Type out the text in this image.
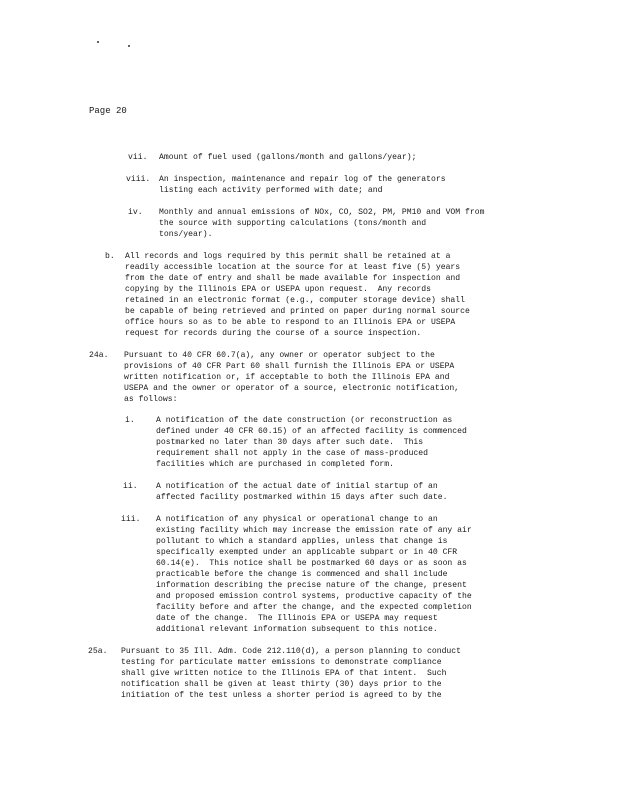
Page 20
vii. Amount of fuel used (gallons/month and gallons/year);
viii. An inspection, maintenance and repair log of the generators
listing each activity performed with date; and
iv. Monthly and annual emissions of NOx, CO, SO2, PM, PM10 and VOM from
the source with supporting calculations (tons/month and
tons/year).
b. All records and logs required by this permit shall be retained at a
readily accessible location at the source for at least five (5) years
from the date of entry and shall be made available for inspection and
copying by the Illinois EPA or USEPA upon request.  Any records
retained in an electronic format (e.g., computer storage device) shall
be capable of being retrieved and printed on paper during normal source
office hours so as to be able to respond to an Illinois EPA or USEPA
request for records during the course of a source inspection.
24a. Pursuant to 40 CFR 60.7(a), any owner or operator subject to the
provisions of 40 CFR Part 60 shall furnish the Illinois EPA or USEPA
written notification or, if acceptable to both the Illinois EPA and
USEPA and the owner or operator of a source, electronic notification,
as follows:
i.	A notification of the date construction (or reconstruction as
defined under 40 CFR 60.15) of an affected facility is commenced
postmarked no later than 30 days after such date.  This
requirement shall not apply in the case of mass-produced
facilities which are purchased in completed form.
ii. A notification of the actual date of initial startup of an
affected facility postmarked within 15 days after such date.
iii. A notification of any physical or operational change to an
existing facility which may increase the emission rate of any air
pollutant to which a standard applies, unless that change is
specifically exempted under an applicable subpart or in 40 CFR
60.14(e).  This notice shall be postmarked 60 days or as soon as
practicable before the change is commenced and shall include
information describing the precise nature of the change, present
and proposed emission control systems, productive capacity of the
facility before and after the change, and the expected completion
date of the change.  The Illinois EPA or USEPA may request
additional relevant information subsequent to this notice.
25a. Pursuant to 35 Ill. Adm. Code 212.110(d), a person planning to conduct
testing for particulate matter emissions to demonstrate compliance
shall give written notice to the Illinois EPA of that intent.  Such
notification shall be given at least thirty (30) days prior to the
initiation of the test unless a shorter period is agreed to by the
